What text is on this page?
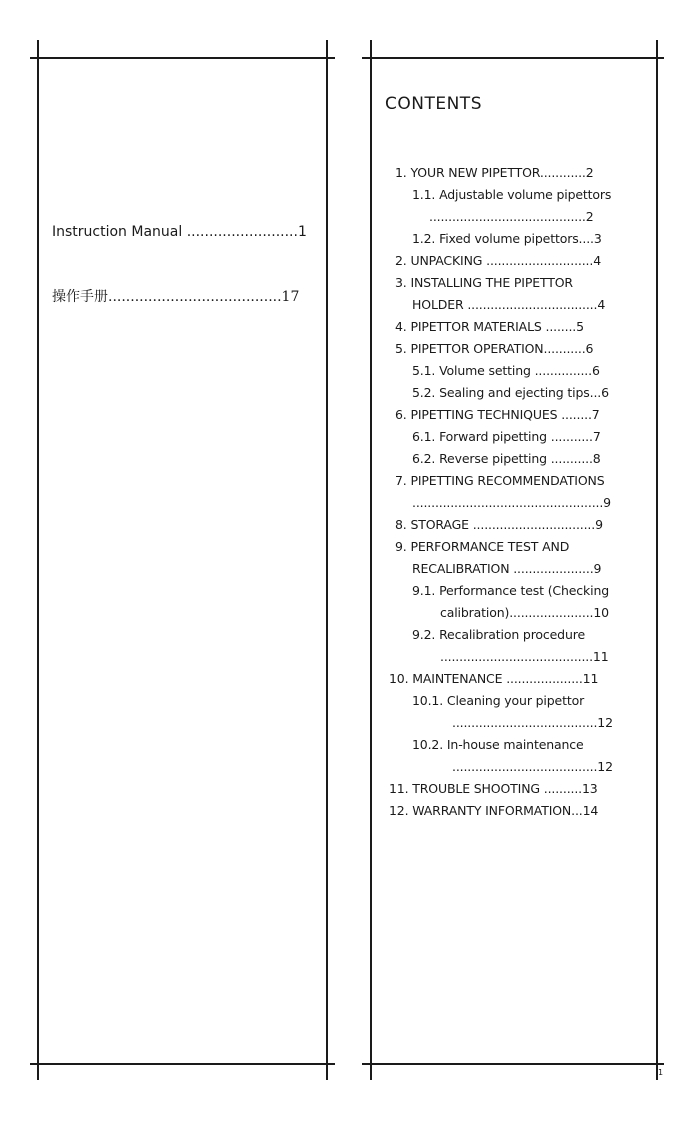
Instruction Manual .........................1
操作手册.......................................17
CONTENTS
1. YOUR NEW PIPETTOR............2
1.1. Adjustable volume pipettors
.........................................2
1.2. Fixed volume pipettors....3
2. UNPACKING ............................4
3. INSTALLING THE PIPETTOR
HOLDER ..................................4
4. PIPETTOR MATERIALS ........5
5. PIPETTOR OPERATION...........6
5.1. Volume setting ...............6
5.2. Sealing and ejecting tips...6
6. PIPETTING TECHNIQUES ........7
6.1. Forward pipetting ...........7
6.2. Reverse pipetting ...........8
7. PIPETTING RECOMMENDATIONS
..................................................9
8. STORAGE ................................9
9. PERFORMANCE TEST AND
RECALIBRATION .....................9
9.1. Performance test (Checking
calibration)......................10
9.2. Recalibration procedure
........................................11
10. MAINTENANCE ....................11
10.1. Cleaning your pipettor
......................................12
10.2. In-house maintenance
......................................12
11. TROUBLE SHOOTING ..........13
12. WARRANTY INFORMATION...14
1
